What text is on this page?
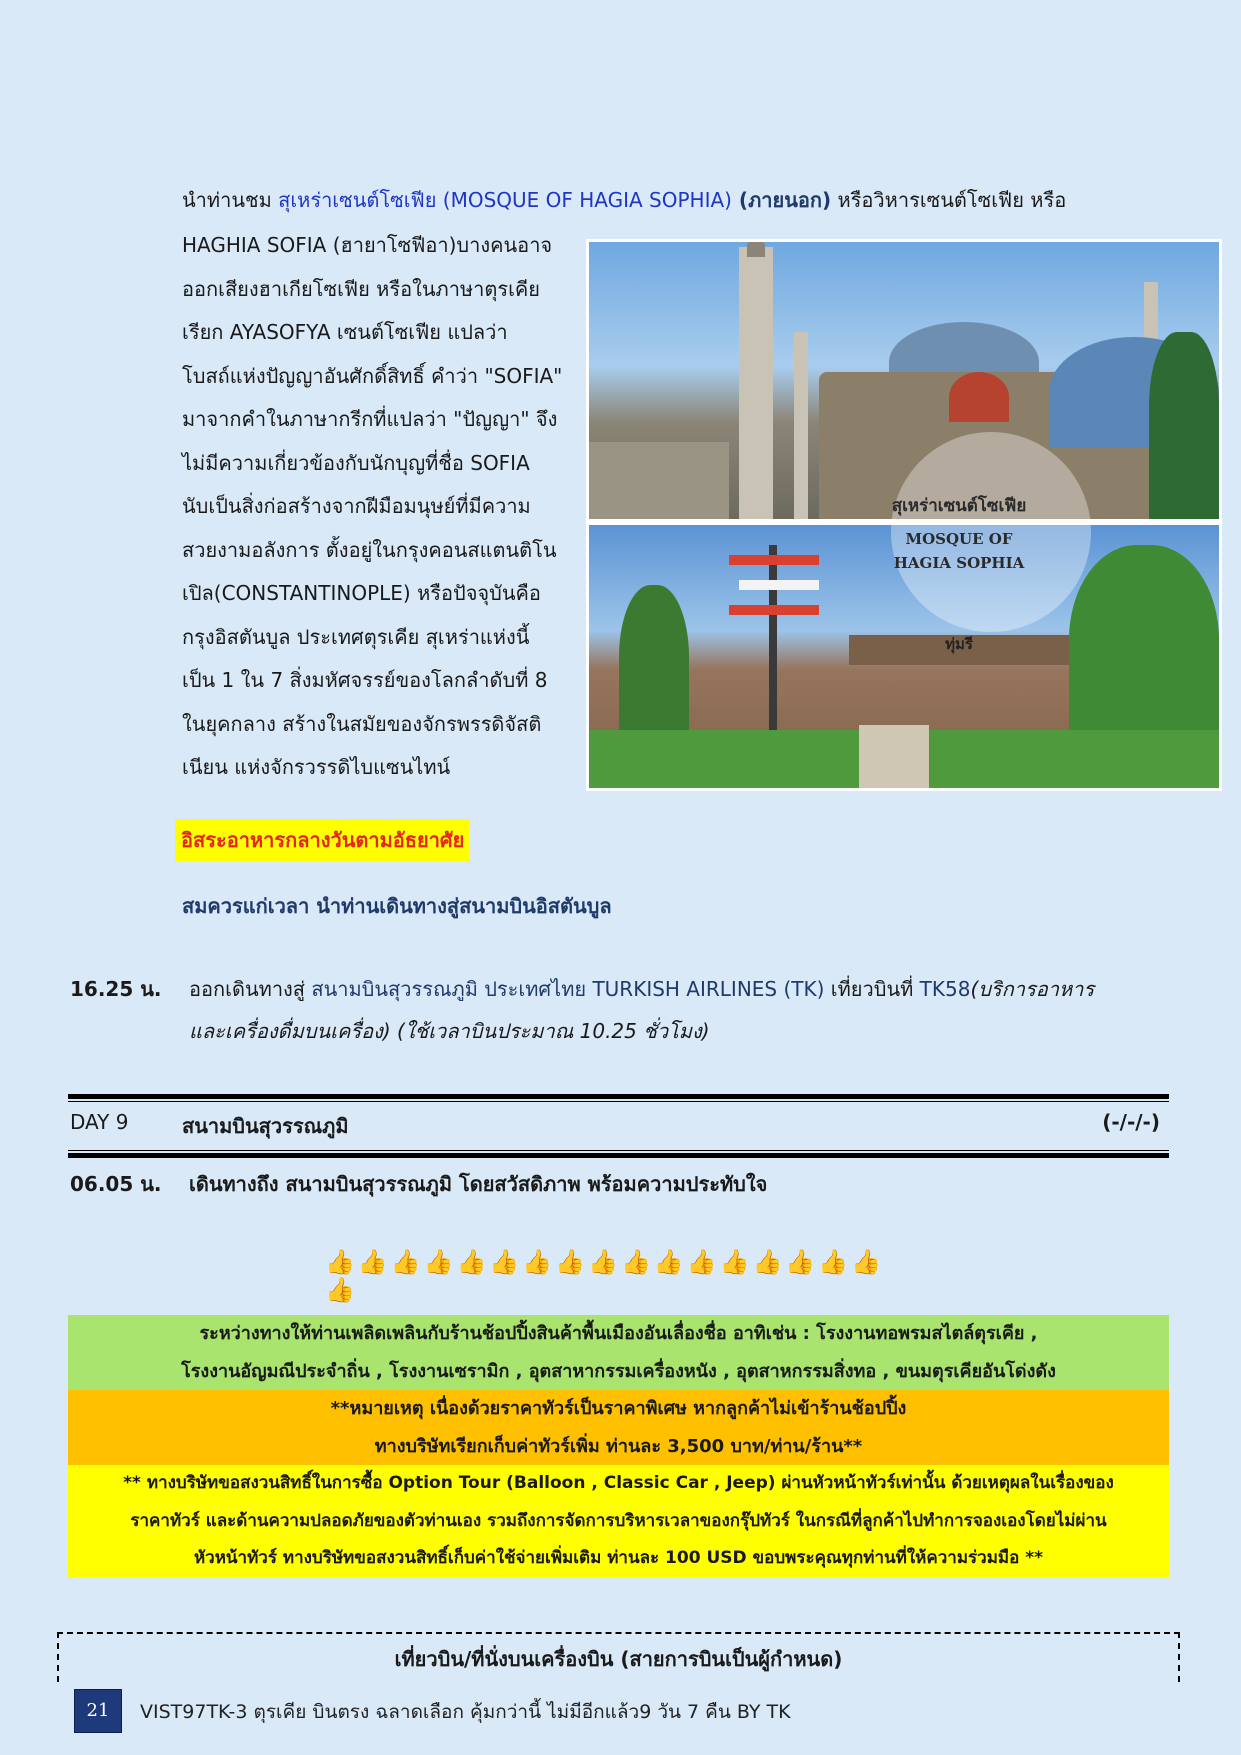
นำท่านชม สุเหร่าเซนต์โซเฟีย (MOSQUE OF HAGIA SOPHIA) (ภายนอก) หรือวิหารเซนต์โซเฟีย หรือ
HAGHIA SOFIA (ฮายาโซฟีอา)บางคนอาจ
ออกเสียงฮาเกียโซเฟีย หรือในภาษาตุรเคีย
เรียก AYASOFYA เซนต์โซเฟีย แปลว่า
โบสถ์แห่งปัญญาอันศักดิ์สิทธิ์ คำว่า "SOFIA"
มาจากคำในภาษากรีกที่แปลว่า "ปัญญา" จึง
ไม่มีความเกี่ยวข้องกับนักบุญที่ชื่อ SOFIA
นับเป็นสิ่งก่อสร้างจากฝีมือมนุษย์ที่มีความ
สวยงามอลังการ ตั้งอยู่ในกรุงคอนสแตนติโน
เปิล(CONSTANTINOPLE) หรือปัจจุบันคือ
กรุงอิสตันบูล ประเทศตุรเคีย สุเหร่าแห่งนี้
เป็น 1 ใน 7 สิ่งมหัศจรรย์ของโลกลำดับที่ 8
ในยุคกลาง สร้างในสมัยของจักรพรรดิจัสติ
เนียน แห่งจักรวรรดิไบแซนไทน์
สุเหร่าเซนต์โซเฟีย
MOSQUE OF
HAGIA SOPHIA
ทุ่มรี
อิสระอาหารกลางวันตามอัธยาศัย
สมควรแก่เวลา นำท่านเดินทางสู่สนามบินอิสตันบูล
16.25 น. ออกเดินทางสู่ สนามบินสุวรรณภูมิ ประเทศไทย TURKISH AIRLINES (TK) เที่ยวบินที่ TK58(บริการอาหาร
และเครื่องดื่มบนเครื่อง) (ใช้เวลาบินประมาณ 10.25 ชั่วโมง)
DAY 9	สนามบินสุวรรณภูมิ	(-/-/-)
06.05 น. เดินทางถึง สนามบินสุวรรณภูมิ โดยสวัสดิภาพ พร้อมความประทับใจ
👍👍👍👍👍👍👍👍👍👍👍👍👍👍👍👍👍👍
ระหว่างทางให้ท่านเพลิดเพลินกับร้านช้อปปิ้งสินค้าพื้นเมืองอันเลื่องชื่อ อาทิเช่น : โรงงานทอพรมสไตล์ตุรเคีย ,
โรงงานอัญมณีประจำถิ่น , โรงงานเซรามิก , อุตสาหากรรมเครื่องหนัง , อุตสาหกรรมสิ่งทอ , ขนมตุรเคียอันโด่งดัง
**หมายเหตุ เนื่องด้วยราคาทัวร์เป็นราคาพิเศษ หากลูกค้าไม่เข้าร้านช้อปปิ้ง
ทางบริษัทเรียกเก็บค่าทัวร์เพิ่ม ท่านละ 3,500 บาท/ท่าน/ร้าน**
** ทางบริษัทขอสงวนสิทธิ์ในการซื้อ Option Tour (Balloon , Classic Car , Jeep) ผ่านหัวหน้าทัวร์เท่านั้น ด้วยเหตุผลในเรื่องของ
ราคาทัวร์ และด้านความปลอดภัยของตัวท่านเอง รวมถึงการจัดการบริหารเวลาของกรุ๊ปทัวร์ ในกรณีที่ลูกค้าไปทำการจองเองโดยไม่ผ่าน
หัวหน้าทัวร์ ทางบริษัทขอสงวนสิทธิ์เก็บค่าใช้จ่ายเพิ่มเติม ท่านละ 100 USD ขอบพระคุณทุกท่านที่ให้ความร่วมมือ **
เที่ยวบิน/ที่นั่งบนเครื่องบิน (สายการบินเป็นผู้กำหนด)
21	VIST97TK-3 ตุรเคีย บินตรง ฉลาดเลือก คุ้มกว่านี้ ไม่มีอีกแล้ว9 วัน 7 คืน BY TK
